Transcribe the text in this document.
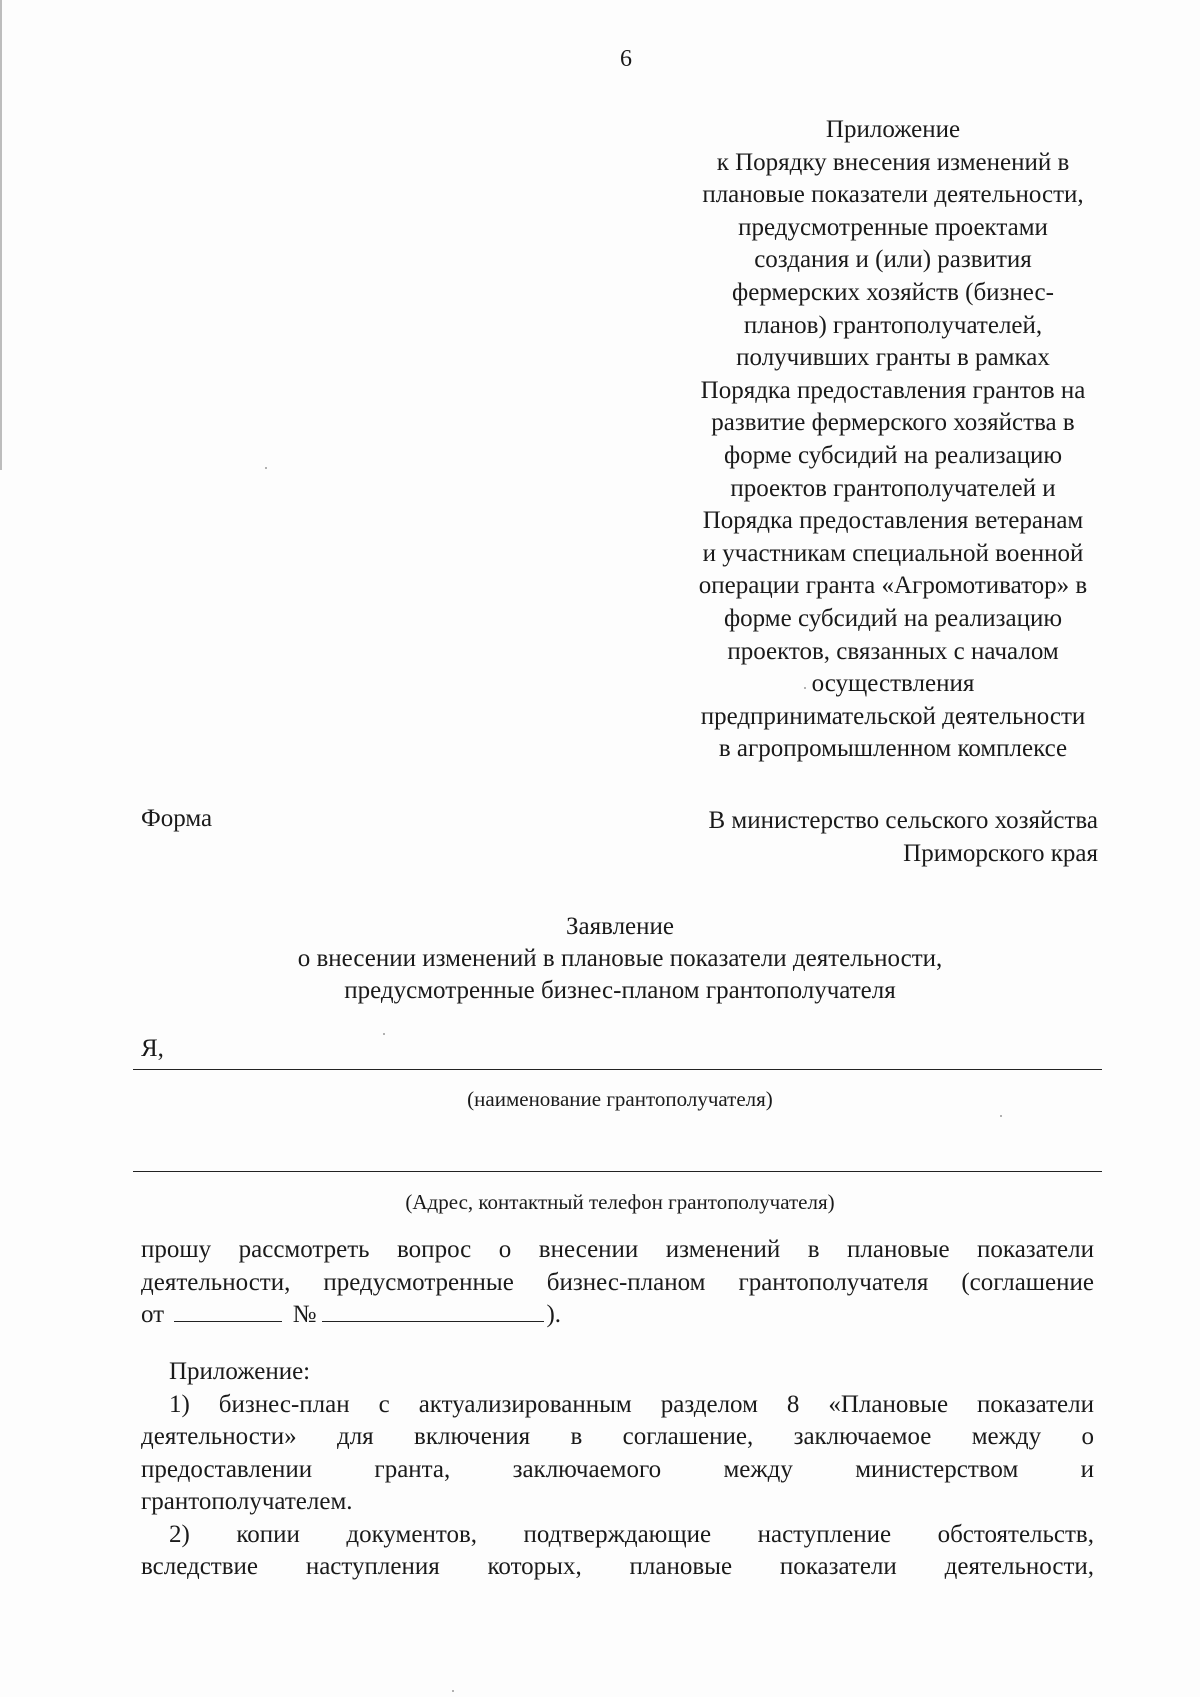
6
Приложение
к Порядку внесения изменений в
плановые показатели деятельности,
предусмотренные проектами
создания и (или) развития
фермерских хозяйств (бизнес-
планов) грантополучателей,
получивших гранты в рамках
Порядка предоставления грантов на
развитие фермерского хозяйства в
форме субсидий на реализацию
проектов грантополучателей и
Порядка предоставления ветеранам
и участникам специальной военной
операции гранта «Агромотиватор» в
форме субсидий на реализацию
проектов, связанных с началом
осуществления
предпринимательской деятельности
в агропромышленном комплексе
Форма	В министерство сельского хозяйства
Приморского края
Заявление
о внесении изменений в плановые показатели деятельности,
предусмотренные бизнес-планом грантополучателя
Я,
(наименование грантополучателя)
(Адрес, контактный телефон грантополучателя)
прошу рассмотреть вопрос о внесении изменений в плановые показатели
деятельности, предусмотренные бизнес-планом грантополучателя (соглашение
от	№	).
Приложение:
1) бизнес-план с актуализированным разделом 8 «Плановые показатели
деятельности» для включения в соглашение, заключаемое между о
предоставлении гранта, заключаемого между министерством и
грантополучателем.
2) копии документов, подтверждающие наступление обстоятельств,
вследствие наступления которых, плановые показатели деятельности,
